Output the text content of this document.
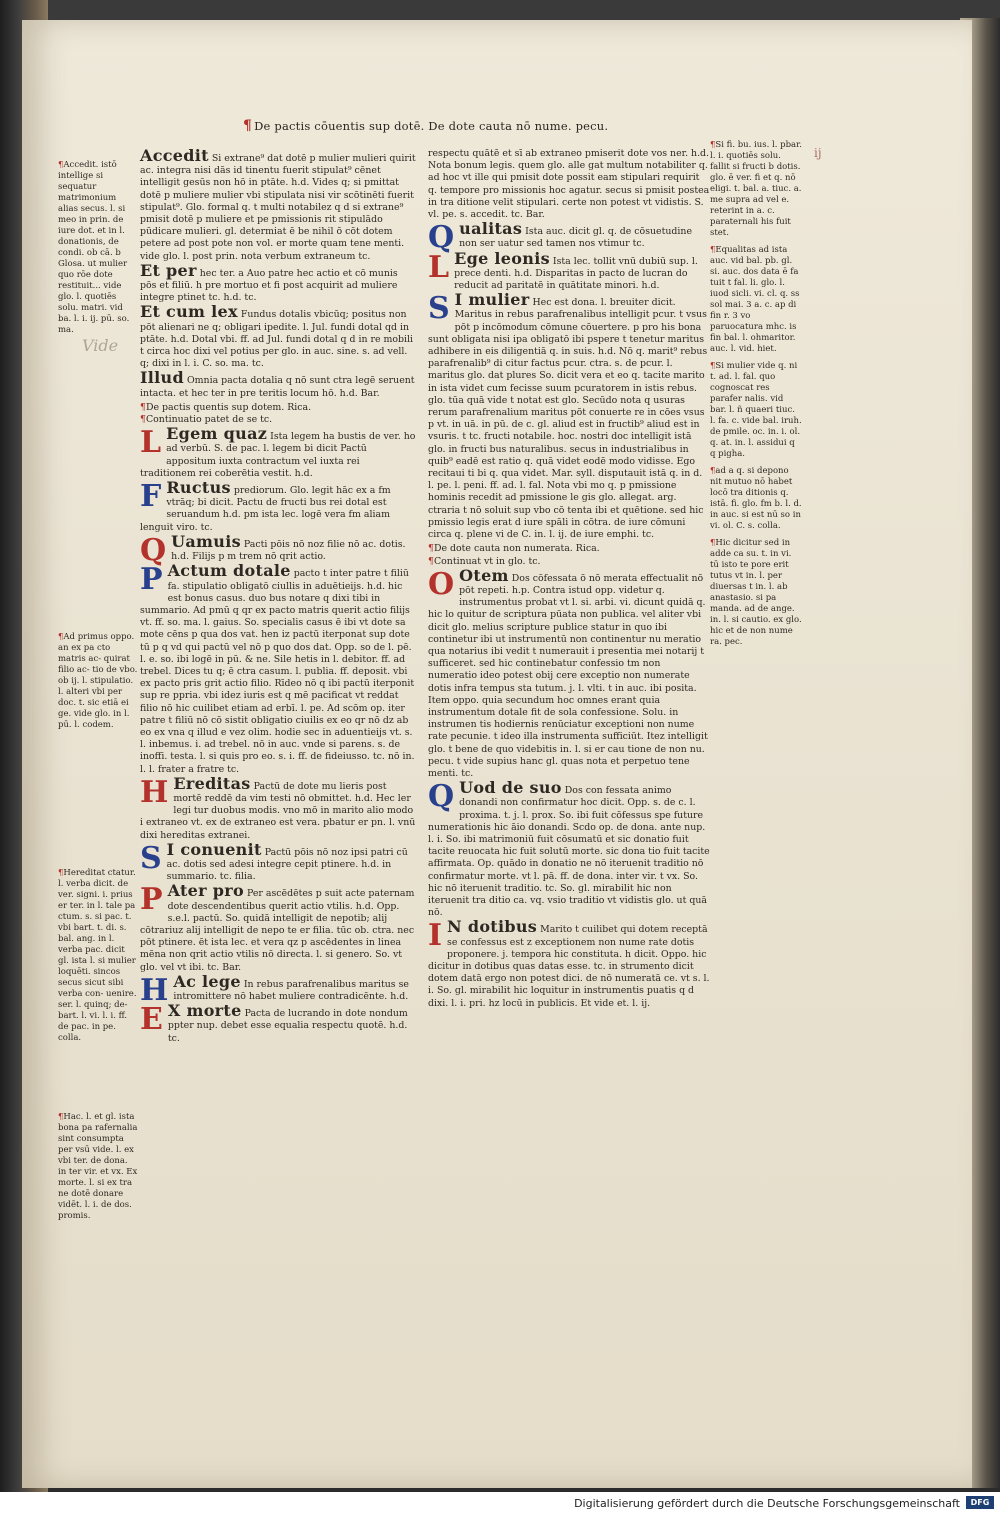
¶ De pactis cōuentis sup dotē. De dote cauta nō nume. pecu.
Vide
ij
¶Accedit. istō intellige si sequatur matrimonium alias secus. l. si meo in prin. de iure dot. et in l. donationis, de condi. ob cā. b Glosa. ut mulier quo rōe dote restituit... vide glo. l. quotiēs solu. matri. vid ba. l. i. ij. pū. so. ma.
¶Ad primus oppo. an ex pa cto matris ac- quirat filio ac- tio de vbo. ob ij. l. stipulatio. l. alteri vbi per doc. t. sic etiā ei ge. vide glo. in l. pū. l. codem.
¶Hereditat ctatur. l. verba dicit. de ver. signi. i. prius er ter. in l. tale pa ctum. s. si pac. t. vbi bart. t. di. s. bal. ang. in l. verba pac. dicit gl. ista l. si mulier loquēti. sincos secus sicut sibi verba con- uenire. ser. l. quinq; de- bart. l. vi. l. i. ff. de pac. in pe. colla.
¶Hac. l. et gl. ista bona pa rafernalia sint consumpta per vsū vide. l. ex vbi ter. de dona. in ter vir. et vx. Ex morte. l. si ex tra ne dotē donare vidēt. l. i. de dos. promis.

Accedit Si extrane⁹ dat dotē p mulier mulieri quirit ac. integra nisi dās id tinentu fuerit stipulat⁹ cēnet intelligit gesūs non hō in ptāte. h.d. Vides q; si pmittat dotē p muliere mulier vbi stipulata nisi vir scōtinēti fuerit stipulat⁹. Glo. formal q. t multi notabilez q d si extrane⁹ pmisit dotē p muliere et pe pmissionis rit stipulādo pūdicare mulieri. gl. determiat ē be nihil ō cōt dotem petere ad post pote non vol. er morte quam tene menti. vide glo. l. post prin. nota verbum extraneum tc.

Et per hec ter. a Auo patre hec actio et cō munis pōs et filiū. h pre mortuo et fi post acquirit ad muliere integre ptinet tc. h.d. tc.

Et cum lex Fundus dotalis vbicūq; positus non pōt alienari ne q; obligari ipedite. l. Jul. fundi dotal qd in ptāte. h.d. Dotal vbi. ff. ad Jul. fundi dotal q d in re mobili t circa hoc dixi vel potius per glo. in auc. sine. s. ad vell. q; dixi in l. i. C. so. ma. tc.

Illud Omnia pacta dotalia q nō sunt ctra legē seruent intacta. et hec ter in pre teritis locum hō. h.d. Bar.

¶De pactis quentis sup dotem. Rica.
¶Continuatio patet de se tc.

L Egem quaz Ista legem ha bustis de ver. ho ad verbū. S. de pac. l. legem bi dicit Pactū appositum iuxta contractum vel iuxta rei traditionem rei coberētia vestit. h.d.

F Ructus prediorum. Glo. legit hāc ex a fm vtrāq; bi dicit. Pactu de fructi bus rei dotal est seruandum h.d. pm ista lec. logē vera fm aliam lenguit viro. tc.

Q Uamuis Pacti pōis nō noz filie nō ac. dotis. h.d. Filijs p m trem nō qrit actio.

P Actum dotale pacto t inter patre t filiū fa. stipulatio obligatō ciullis in aduētieijs. h.d. hic est bonus casus. duo bus notare q dixi tibi in summario. Ad pmū q qr ex pacto matris querit actio filijs vt. ff. so. ma. l. gaius. So. specialis casus ē ibi vt dote sa mote cēns p qua dos vat. hen iz pactū iterponat sup dote tū p q vd qui pactū vel nō p quo dos dat. Opp. so de l. pē. l. e. so. ibi logē in pū. & ne. Sile hetis in l. debitor. ff. ad trebel. Dices tu q; ē ctra casum. l. publia. ff. deposit. vbi ex pacto pris grit actio filio. Rīdeo nō q ibi pactū iterponit sup re ppria. vbi idez iuris est q mē pacificat vt reddat filio nō hic cuilibet etiam ad erbī. l. pe. Ad scōm op. iter patre t filiū nō cō sistit obligatio ciuilis ex eo qr nō dz ab eo ex vna q illud e vez olim. hodie sec in aduentieijs vt. s. l. inbemus. i. ad trebel. nō in auc. vnde si parens. s. de inoffi. testa. l. si quis pro eo. s. i. ff. de fideiusso. tc. nō in. l. l. frater a fratre tc.

H Ereditas Pactū de dote mu lieris post mortē reddē da vim testi nō obmittet. h.d. Hec ler legi tur duobus modis. vno mō in marito alio modo i extraneo vt. ex de extraneo est vera. pbatur er pn. l. vnū dixi hereditas extranei.

S I conuenit Pactū pōis nō noz ipsi patri cū ac. dotis sed adesi integre cepit ptinere. h.d. in summario. tc. filia.

P Ater pro Per ascēdētes p suit acte paternam dote descendentibus querit actio vtilis. h.d. Opp. s.e.l. pactū. So. quidā intelligit de nepotib; alij cōtrariuz alij intelligit de nepo te er filia. tūc ob. ctra. nec pōt ptinere. ēt ista lec. et vera qz p ascēdentes in linea mēna non qrit actio vtilis nō directa. l. si genero. So. vt glo. vel vt ibi. tc. Bar.

H Ac lege In rebus parafrenalibus maritus se intromittere nō habet muliere contradicēnte. h.d.

E X morte Pacta de lucrando in dote nondum ppter nup. debet esse equalia respectu quotē. h.d. tc.

respectu quātē et sī ab extraneo pmiserit dote vos ner. h.d. Nota bonum legis. quem glo. alle gat multum notabiliter q. ad hoc vt ille qui pmisit dote possit eam stipulari requirit q. tempore pro missionis hoc agatur. secus si pmisit postea in tra ditione velit stipulari. certe non potest vt vidistis. S. vl. pe. s. accedit. tc. Bar.

Qualitas Ista auc. dicit gl. q. de cōsuetudine non ser uatur sed tamen nos vtimur tc.

L Ege leonis Ista lec. tollit vnū dubiū sup. l. prece denti. h.d. Disparitas in pacto de lucran do reducit ad paritatē in quātitate minori. h.d.

S I mulier Hec est dona. l. breuiter dicit. Maritus in rebus parafrenalibus intelligit pcur. t vsus pōt p incōmodum cōmune cōuertere. p pro his bona sunt obligata nisi ipa obligatō ibi pspere t tenetur maritus adhibere in eis diligentiā q. in suis. h.d. Nō q. marit⁹ rebus parafrenalib⁹ di citur factus pcur. ctra. s. de pcur. l. maritus glo. dat plures So. dicit vera et eo q. tacite marito in ista videt cum fecisse suum pcuratorem in istis rebus. glo. tūa quā vide t notat est glo. Secūdo nota q usuras rerum parafrenalium maritus pōt conuerte re in cōes vsus p vt. in uā. in pū. de c. gl. aliud est in fructib⁹ aliud est in vsuris. t tc. fructi notabile. hoc. nostri doc intelligit istā glo. in fructi bus naturalibus. secus in industrialibus in quib⁹ eadē est ratio q. quā videt eodē modo vidisse. Ego recitaui ti bi q. qua videt. Mar. syll. disputauit istā q. in d. l. pe. l. peni. ff. ad. l. fal. Nota vbi mo q. p pmissione hominis recedit ad pmissione le gis glo. allegat. arg. ctraria t nō soluit sup vbo cō tenta ibi et quētione. sed hic pmissio legis erat d iure spāli in cōtra. de iure cōmuni circa q. plene vi de C. in. l. ij. de iure emphi. tc.

¶De dote cauta non numerata. Rica.
¶Continuat vt in glo. tc.

O Otem Dos cōfessata ō nō merata effectualit nō pōt repeti. h.p. Contra istud opp. videtur q. instrumentus probat vt l. si. arbi. vi. dicunt quidā q. hic lo quitur de scriptura pūata non publica. vel aliter vbi dicit glo. melius scripture publice statur in quo ibi continetur ibi ut instrumentū non continentur nu meratio qua notarius ibi vedit t numerauit i presentia mei notarij t sufficeret. sed hic continebatur confessio tm non numeratio ideo potest obij cere exceptio non numerate dotis infra tempus sta tutum. j. l. vlti. t in auc. ibi posita. Item oppo. quia secundum hoc omnes erant quia instrumentum dotale fit de sola confessione. Solu. in instrumen tis hodiernis renūciatur exceptioni non nume rate pecunie. t ideo illa instrumenta sufficiūt. Itez intelligit glo. t bene de quo videbitis in. l. si er cau tione de non nu. pecu. t vide supius hanc gl. quas nota et perpetuo tene menti. tc.

Q Uod de suo Dos con fessata animo donandi non confirmatur hoc dicit. Opp. s. de c. l. proxima. t. j. l. prox. So. ibi fuit cōfessus spe future numerationis hic āio donandi. Scdo op. de dona. ante nup. l. i. So. ibi matrimoniū fuit cōsumatū et sic donatio fuit tacite reuocata hic fuit solutū morte. sic dona tio fuit tacite affirmata. Op. quādo in donatio ne nō iteruenit traditio nō confirmatur morte. vt l. pā. ff. de dona. inter vir. t vx. So. hic nō iteruenit traditio. tc. So. gl. mirabilit hic non iteruenit tra ditio ca. vq. vsio traditio vt vidistis glo. ut quā nō.

I N dotibus Marito t cuilibet qui dotem receptā se confessus est z exceptionem non nume rate dotis proponere. j. tempora hic constituta. h dicit. Oppo. hic dicitur in dotibus quas datas esse. tc. in strumento dicit dotem datā ergo non potest dici. de nō numeratā ce. vt s. l. i. So. gl. mirabilit hic loquitur in instrumentis puatis q d dixi. l. i. pri. hz locū in publicis. Et vide et. l. ij.

¶Si fi. bu. ius. l. pbar. l. i. quotiēs solu. fallit si fructi b dotis. glo. ē ver. fi et q. nō eligi. t. bal. a. tiuc. a. me supra ad vel e. reterint in a. c. paraternali his fuit stet.

¶Equalitas ad ista auc. vid bal. pb. gl. si. auc. dos data ē fa tuit t fal. li. glo. l. iuod sicli. vi. cl. q. ss sol mai. 3 a. c. ap di fin r. 3 vo paruocatura mhc. is fin bal. l. ohmaritor. auc. l. vid. hiet.

¶Si mulier vide q. ni t. ad. l. fal. quo cognoscat res parafer nalis. vid bar. l. ñ quaeri tiuc. l. fa. c. vide bal. iruh. de pmile. oc. in. i. ol. q. at. in. l. assidui q q pigha.

¶ad a q. si depono nit mutuo nō habet locō tra ditionis q. istā. fi. glo. fm b. l. d. in auc. si est nū so in vi. ol. C. s. colla.

¶Hic dicitur sed in adde ca su. t. in vi. tū isto te pore erit tutus vt in. l. per diuersas t in. l. ab anastasio. si pa manda. ad de ange. in. l. si cautio. ex glo. hic et de non nume ra. pec.

Digitalisierung gefördert durch die Deutsche Forschungsgemeinschaft	DFG
